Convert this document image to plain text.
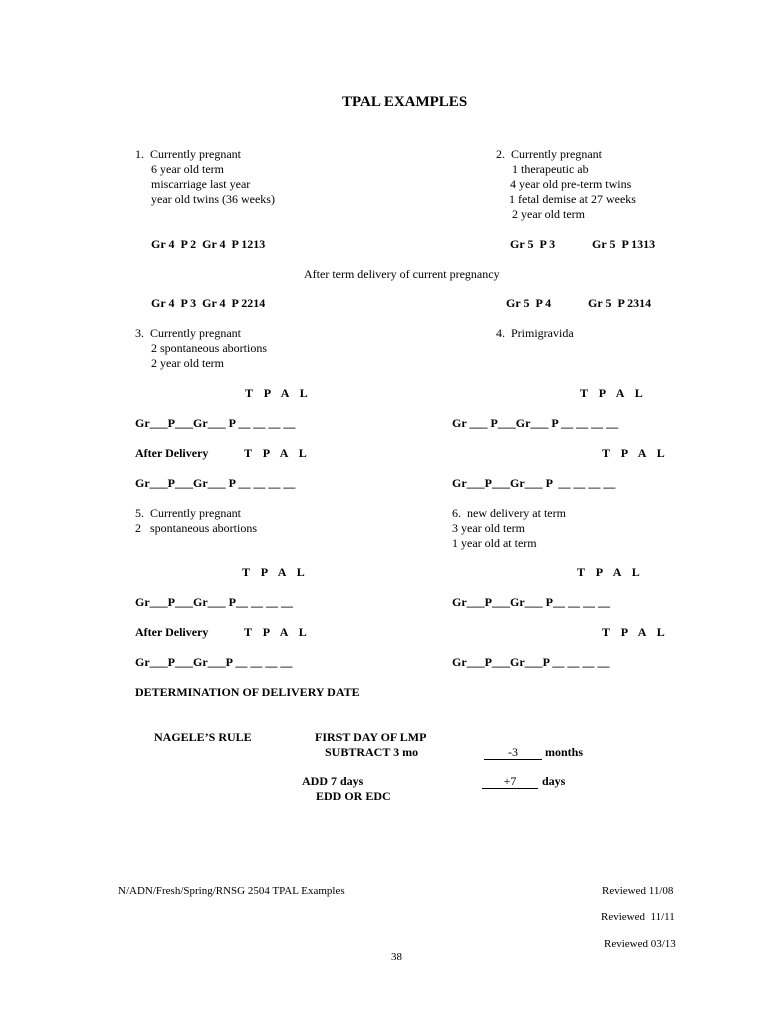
TPAL EXAMPLES
1.  Currently pregnant
6 year old term
miscarriage last year
year old twins (36 weeks)
Gr 4  P 2  Gr 4  P 1213
Gr 4  P 3  Gr 4  P 2214
2.  Currently pregnant
1 therapeutic ab
4 year old pre-term twins
1 fetal demise at 27 weeks
2 year old term
Gr 5  P 3	Gr 5  P 1313
Gr 5  P 4	Gr 5  P 2314
After term delivery of current pregnancy
3.  Currently pregnant
2 spontaneous abortions
2 year old term
4.  Primigravida
T P A L	T P A L
Gr___P___Gr___ P __ __ __ __	Gr ___ P___Gr___ P __ __ __ __
After Delivery	T P A L	T P A L
Gr___P___Gr___ P __ __ __ __	Gr___P___Gr___ P  __ __ __ __
5.  Currently pregnant
2   spontaneous abortions
6.  new delivery at term
3 year old term
1 year old at term
T P A L	T P A L
Gr___P___Gr___ P__ __ __ __	Gr___P___Gr___ P__ __ __ __
After Delivery	T P A L	T P A L
Gr___P___Gr___P __ __ __ __	Gr___P___Gr___P __ __ __ __
DETERMINATION OF DELIVERY DATE
NAGELE’S RULE	FIRST DAY OF LMP
SUBTRACT 3 mo	-3	months
ADD 7 days	+7	days
EDD OR EDC
N/ADN/Fresh/Spring/RNSG 2504 TPAL Examples	Reviewed 11/08
Reviewed  11/11
Reviewed 03/13
38
